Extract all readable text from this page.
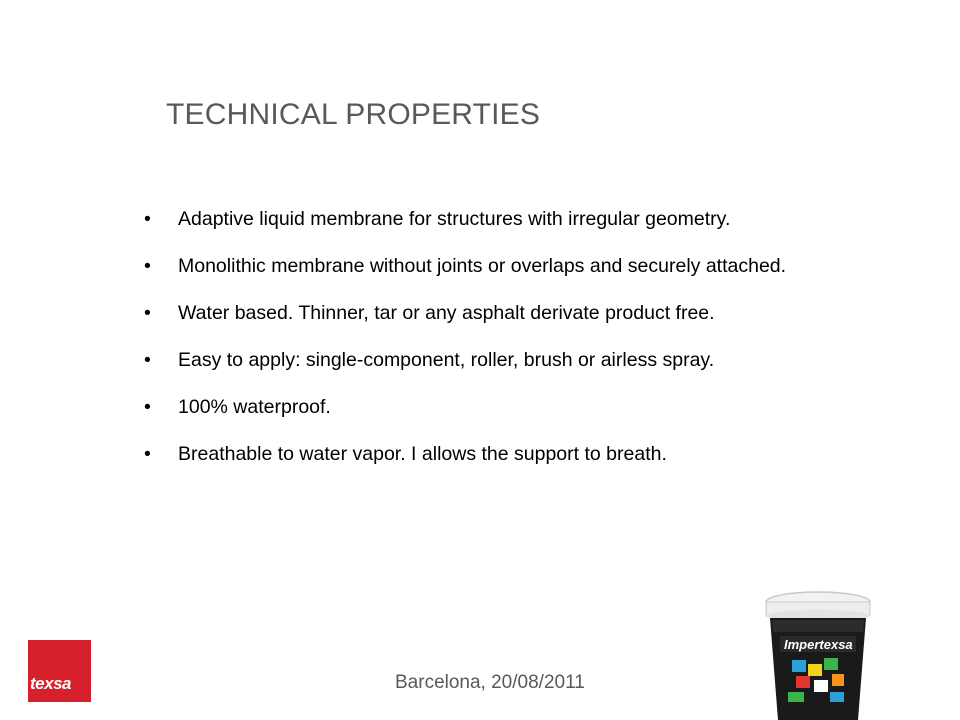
TECHNICAL PROPERTIES
• Adaptive liquid membrane for structures with irregular geometry.
• Monolithic membrane without joints or overlaps and securely attached.
• Water based. Thinner, tar or any asphalt derivate product free.
• Easy to apply: single-component, roller, brush or airless spray.
• 100% waterproof.
• Breathable to water vapor. I allows the support to breath.
Barcelona, 20/08/2011
texsa
Impertexsa
